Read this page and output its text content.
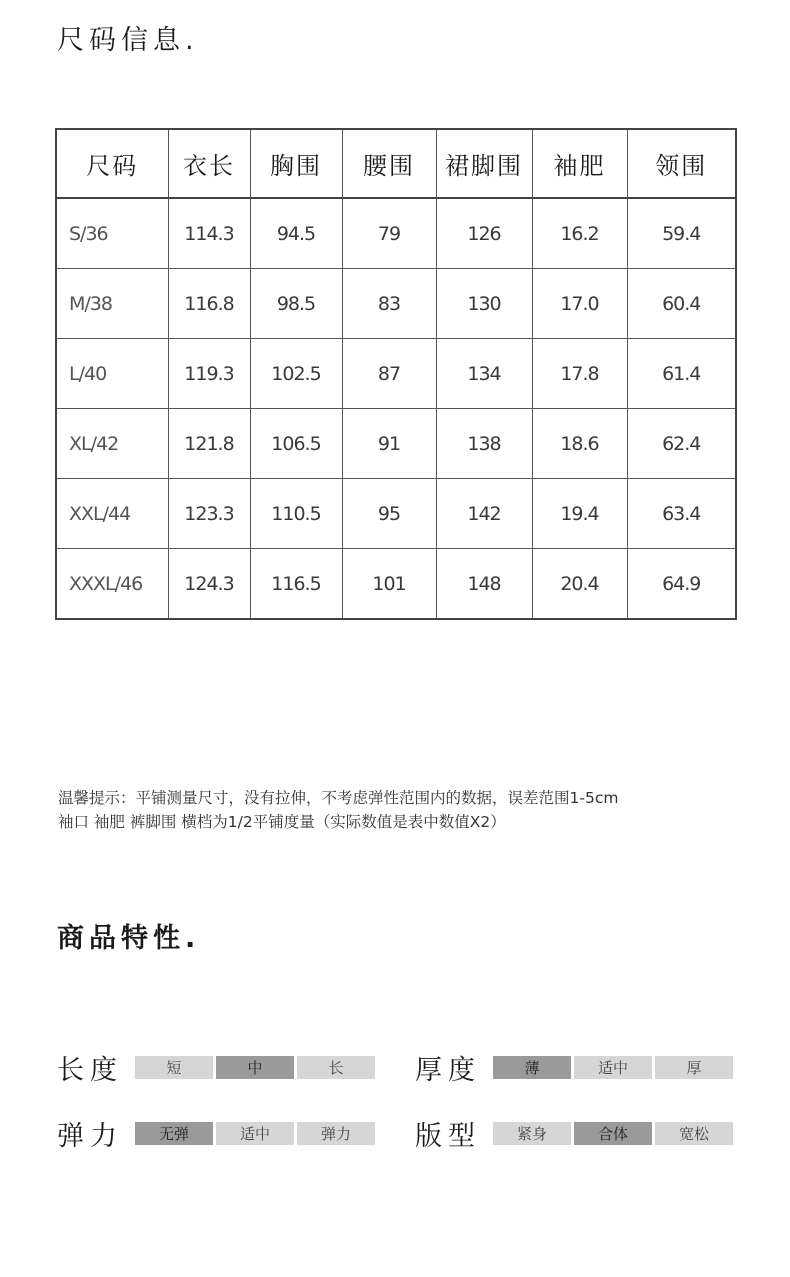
尺码信息.
尺码	衣长	胸围	腰围	裙脚围	袖肥	领围
S/36	114.3	94.5	79	126	16.2	59.4
M/38	116.8	98.5	83	130	17.0	60.4
L/40	119.3	102.5	87	134	17.8	61.4
XL/42	121.8	106.5	91	138	18.6	62.4
XXL/44	123.3	110.5	95	142	19.4	63.4
XXXL/46	124.3	116.5	101	148	20.4	64.9
温馨提示：平铺测量尺寸，没有拉伸，不考虑弹性范围内的数据，误差范围1-5cm
袖口 袖肥 裤脚围 横档为1/2平铺度量（实际数值是表中数值X2）
商品特性.
长度	短	中	长	厚度	薄	适中	厚
弹力	无弹	适中	弹力	版型	紧身	合体	宽松
